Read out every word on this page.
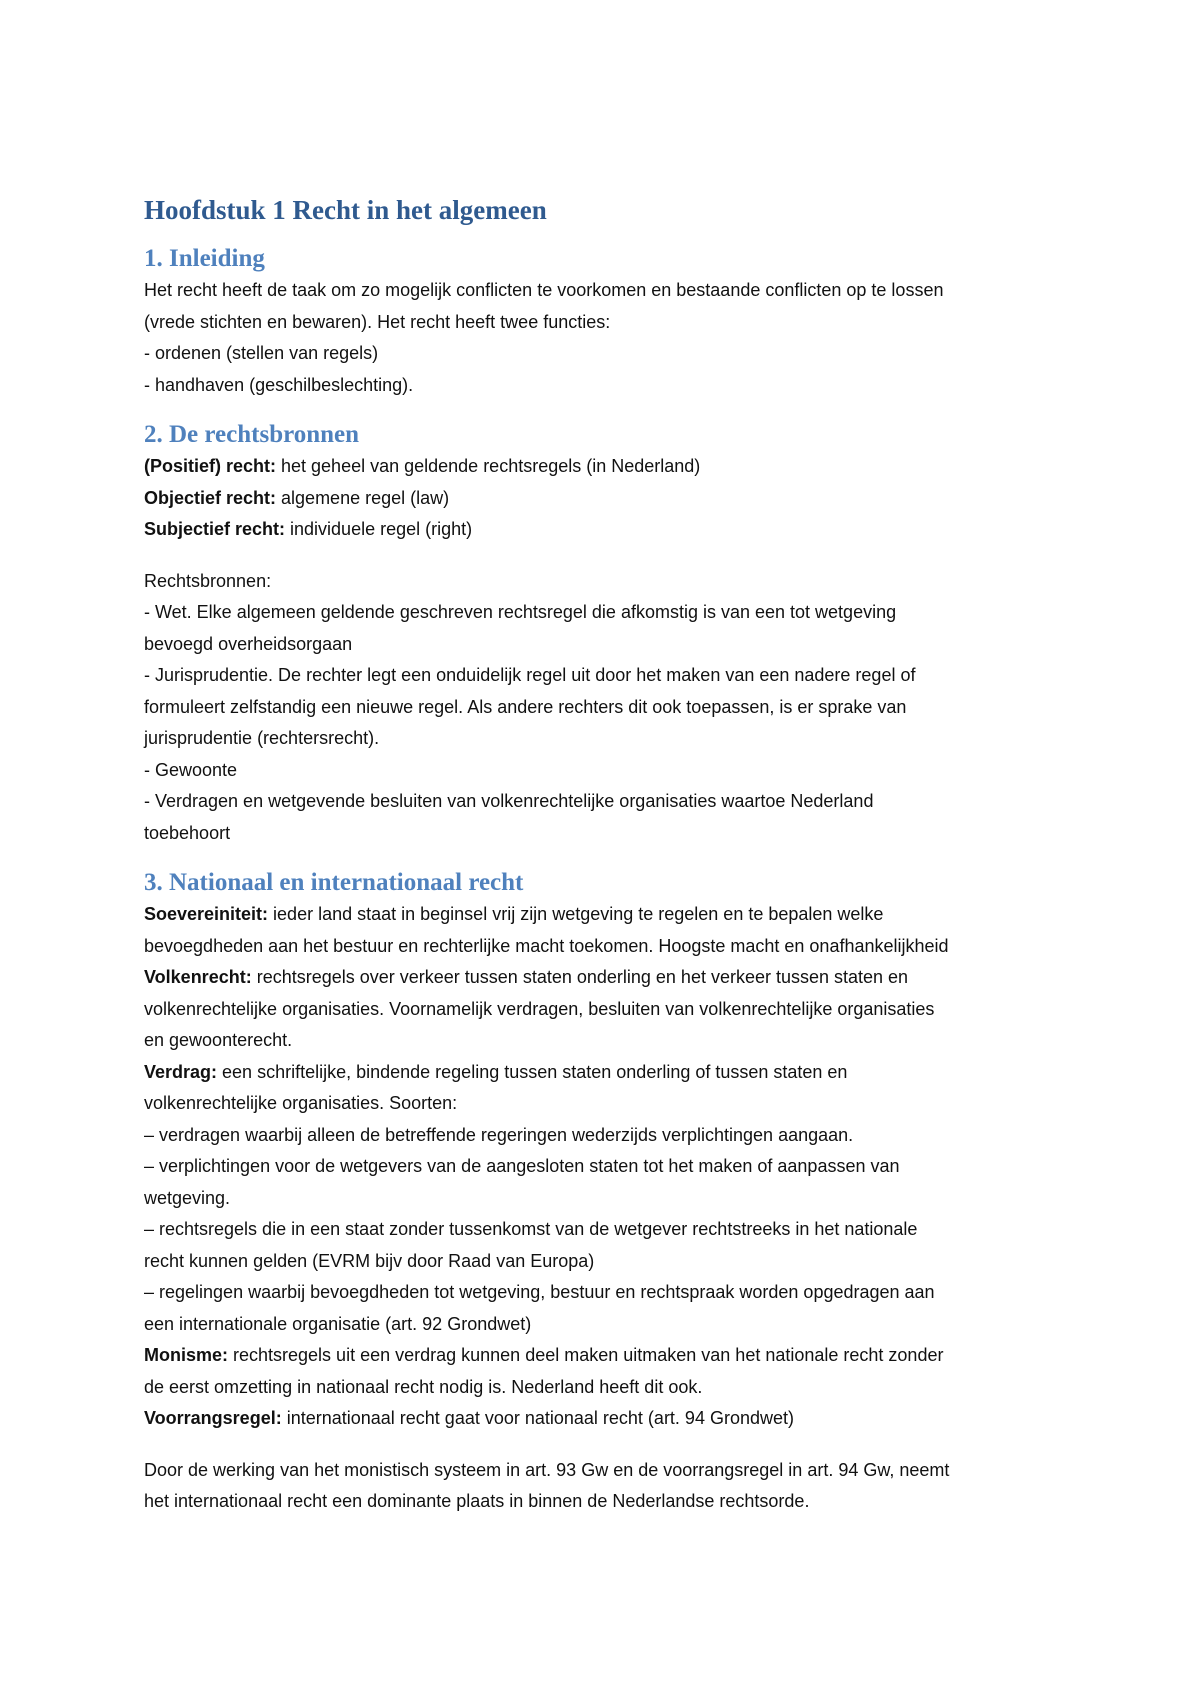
Hoofdstuk 1 Recht in het algemeen
1. Inleiding

Het recht heeft de taak om zo mogelijk conflicten te voorkomen en bestaande conflicten op te lossen

(vrede stichten en bewaren). Het recht heeft twee functies:

- ordenen (stellen van regels)

- handhaven (geschilbeslechting).

2. De rechtsbronnen

(Positief) recht: het geheel van geldende rechtsregels (in Nederland)

Objectief recht: algemene regel (law)

Subjectief recht: individuele regel (right)

Rechtsbronnen:

- Wet. Elke algemeen geldende geschreven rechtsregel die afkomstig is van een tot wetgeving

bevoegd overheidsorgaan

- Jurisprudentie. De rechter legt een onduidelijk regel uit door het maken van een nadere regel of

formuleert zelfstandig een nieuwe regel. Als andere rechters dit ook toepassen, is er sprake van

jurisprudentie (rechtersrecht).

- Gewoonte

- Verdragen en wetgevende besluiten van volkenrechtelijke organisaties waartoe Nederland

toebehoort

3. Nationaal en internationaal recht

Soevereiniteit: ieder land staat in beginsel vrij zijn wetgeving te regelen en te bepalen welke

bevoegdheden aan het bestuur en rechterlijke macht toekomen. Hoogste macht en onafhankelijkheid

Volkenrecht: rechtsregels over verkeer tussen staten onderling en het verkeer tussen staten en

volkenrechtelijke organisaties. Voornamelijk verdragen, besluiten van volkenrechtelijke organisaties

en gewoonterecht.

Verdrag: een schriftelijke, bindende regeling tussen staten onderling of tussen staten en

volkenrechtelijke organisaties. Soorten:

– verdragen waarbij alleen de betreffende regeringen wederzijds verplichtingen aangaan.

– verplichtingen voor de wetgevers van de aangesloten staten tot het maken of aanpassen van

wetgeving.

– rechtsregels die in een staat zonder tussenkomst van de wetgever rechtstreeks in het nationale

recht kunnen gelden (EVRM bijv door Raad van Europa)

– regelingen waarbij bevoegdheden tot wetgeving, bestuur en rechtspraak worden opgedragen aan

een internationale organisatie (art. 92 Grondwet)

Monisme: rechtsregels uit een verdrag kunnen deel maken uitmaken van het nationale recht zonder

de eerst omzetting in nationaal recht nodig is. Nederland heeft dit ook.

Voorrangsregel: internationaal recht gaat voor nationaal recht (art. 94 Grondwet)

Door de werking van het monistisch systeem in art. 93 Gw en de voorrangsregel in art. 94 Gw, neemt

het internationaal recht een dominante plaats in binnen de Nederlandse rechtsorde.
